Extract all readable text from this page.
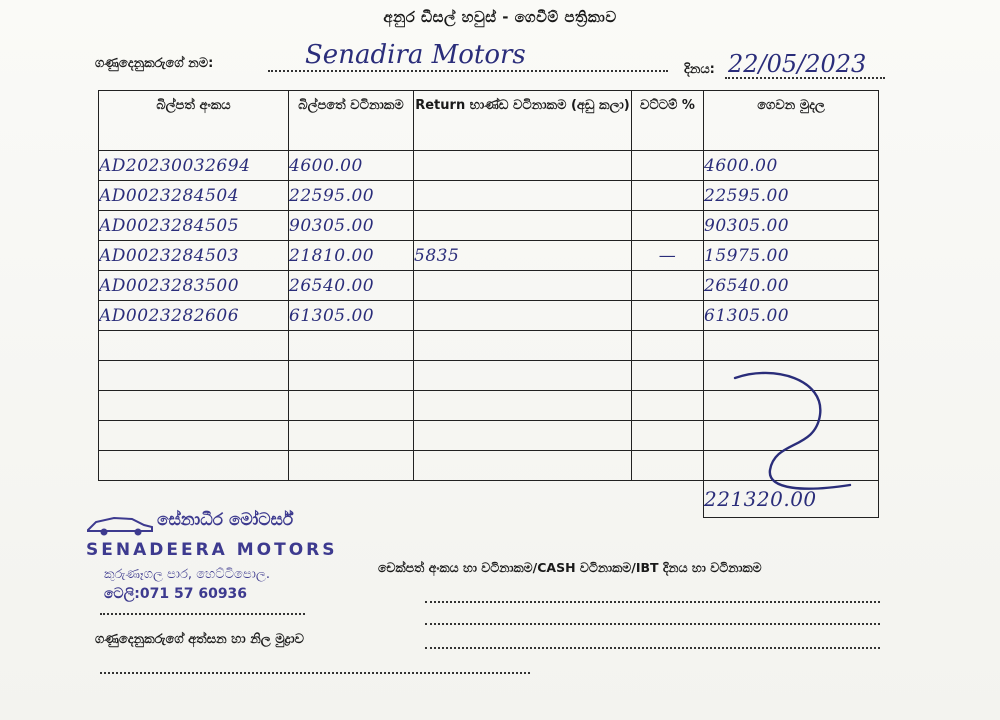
අනුර ඩීසල් හවුස් - ගෙවීම් පත්‍රිකාව
ගණුදෙනුකරුගේ නම:	Senadira Motors	දිනය: 22/05/2023
බිල්පත් අංකය	බිල්පතේ වටිනාකම	Return භාණ්ඩ වටිනාකම (අඩු කලා)	වට්ටම් %	ගෙවන මුදල
AD20230032694	4600.00			4600.00
AD0023284504	22595.00			22595.00
AD0023284505	90305.00			90305.00
AD0023284503	21810.00	5835	—	15975.00
AD0023283500	26540.00			26540.00
AD0023282606	61305.00			61305.00

				221320.00
සේනාධීර මෝටර්ස්
SENADEERA MOTORS
කුරුණෑගල පාර, හෙට්ටිපොල.
ටෙලි:071 57 60936
චෙක්පත් අංකය හා වටිනාකම/CASH වටිනාකම/IBT දිනය හා වටිනාකම
ගණුදෙනුකරුගේ අත්සන හා නිල මුද්‍රාව
